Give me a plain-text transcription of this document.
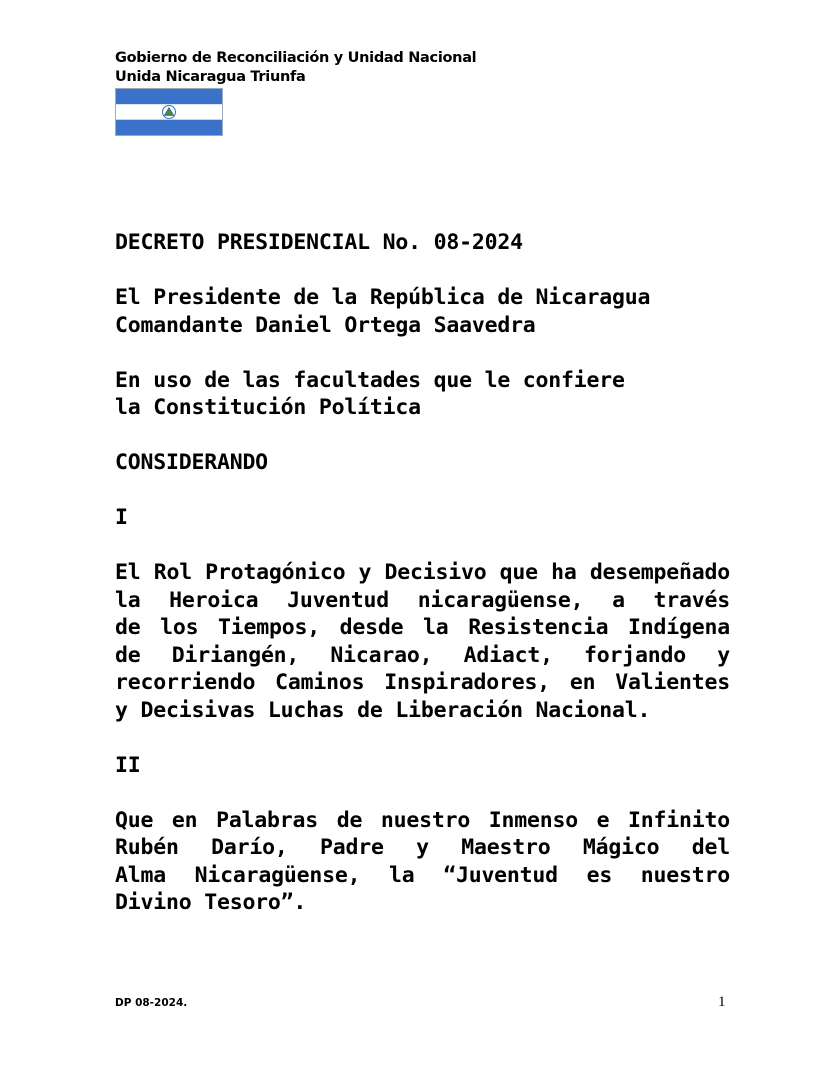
Gobierno de Reconciliación y Unidad Nacional
Unida Nicaragua Triunfa

DECRETO PRESIDENCIAL No. 08-2024

El Presidente de la República de Nicaragua
Comandante Daniel Ortega Saavedra

En uso de las facultades que le confiere
la Constitución Política

CONSIDERANDO

I

El Rol Protagónico y Decisivo que ha desempeñado
la Heroica Juventud nicaragüense, a través
de los Tiempos, desde la Resistencia Indígena
de Diriangén, Nicarao, Adiact, forjando y
recorriendo Caminos Inspiradores, en Valientes
y Decisivas Luchas de Liberación Nacional.

II

Que en Palabras de nuestro Inmenso e Infinito
Rubén Darío, Padre y Maestro Mágico del
Alma Nicaragüense, la “Juventud es nuestro
Divino Tesoro”.

DP 08-2024.	1
